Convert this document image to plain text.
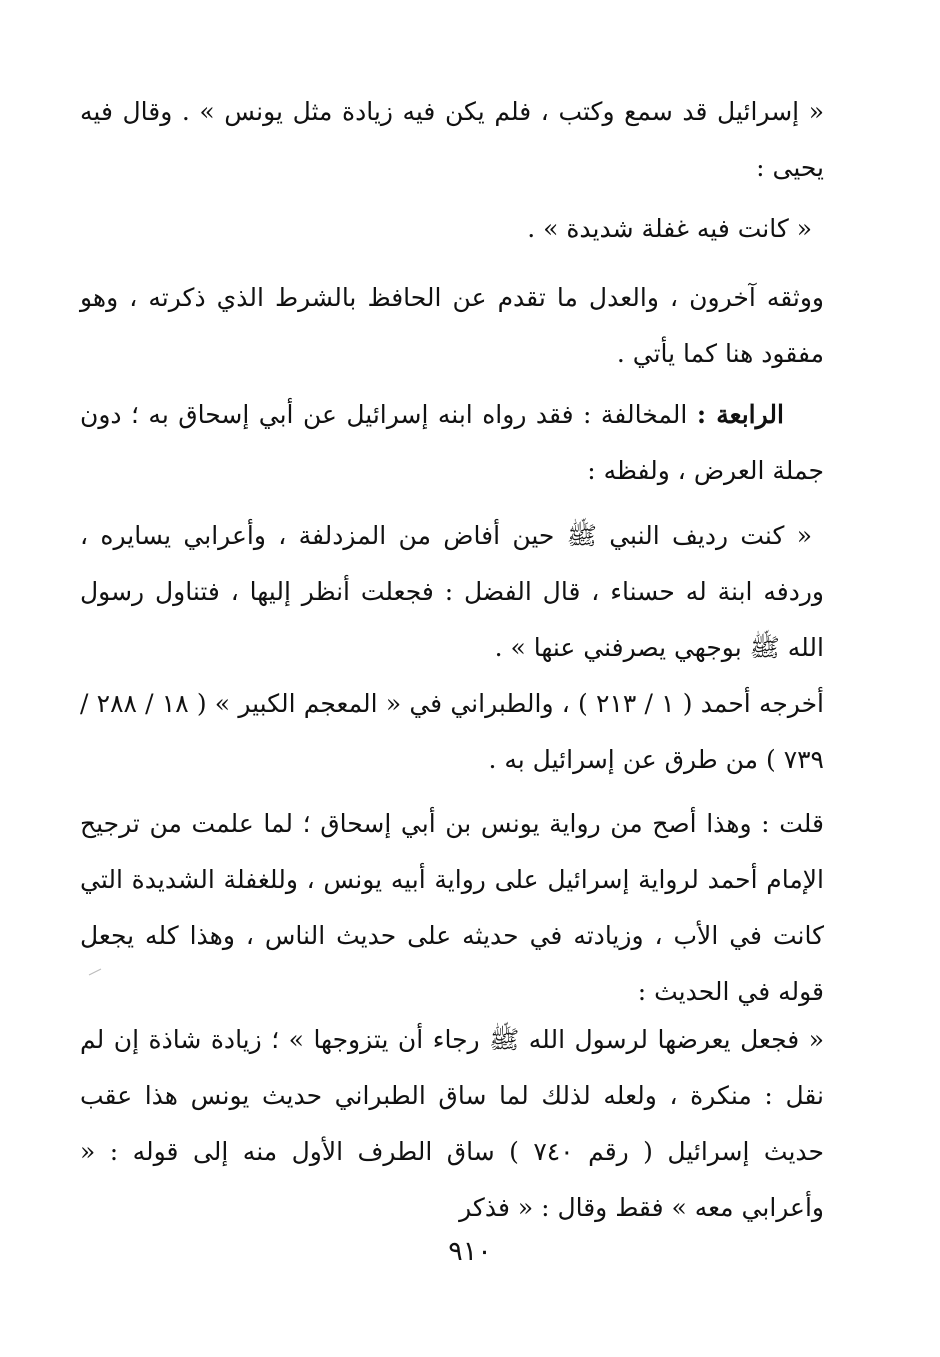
« إسرائيل قد سمع وكتب ، فلم يكن فيه زيادة مثل يونس » . وقال فيه يحيى :

« كانت فيه غفلة شديدة » .

ووثقه آخرون ، والعدل ما تقدم عن الحافظ بالشرط الذي ذكرته ، وهو مفقود هنا كما يأتي .

الرابعة : المخالفة : فقد رواه ابنه إسرائيل عن أبي إسحاق به ؛ دون جملة العرض ، ولفظه :

« كنت رديف النبي ﷺ حين أفاض من المزدلفة ، وأعرابي يسايره ، وردفه ابنة له حسناء ، قال الفضل : فجعلت أنظر إليها ، فتناول رسول الله ﷺ بوجهي يصرفني عنها » .

أخرجه أحمد ( ١ / ٢١٣ ) ، والطبراني في « المعجم الكبير » ( ١٨ / ٢٨٨ / ٧٣٩ ) من طرق عن إسرائيل به .

قلت : وهذا أصح من رواية يونس بن أبي إسحاق ؛ لما علمت من ترجيح الإمام أحمد لرواية إسرائيل على رواية أبيه يونس ، وللغفلة الشديدة التي كانت في الأب ، وزيادته في حديثه على حديث الناس ، وهذا كله يجعل قوله في الحديث :

« فجعل يعرضها لرسول الله ﷺ رجاء أن يتزوجها » ؛ زيادة شاذة إن لم نقل : منكرة ، ولعله لذلك لما ساق الطبراني حديث يونس هذا عقب حديث إسرائيل ( رقم ٧٤٠ ) ساق الطرف الأول منه إلى قوله : « وأعرابي معه » فقط وقال : « فذكر

٩١٠
